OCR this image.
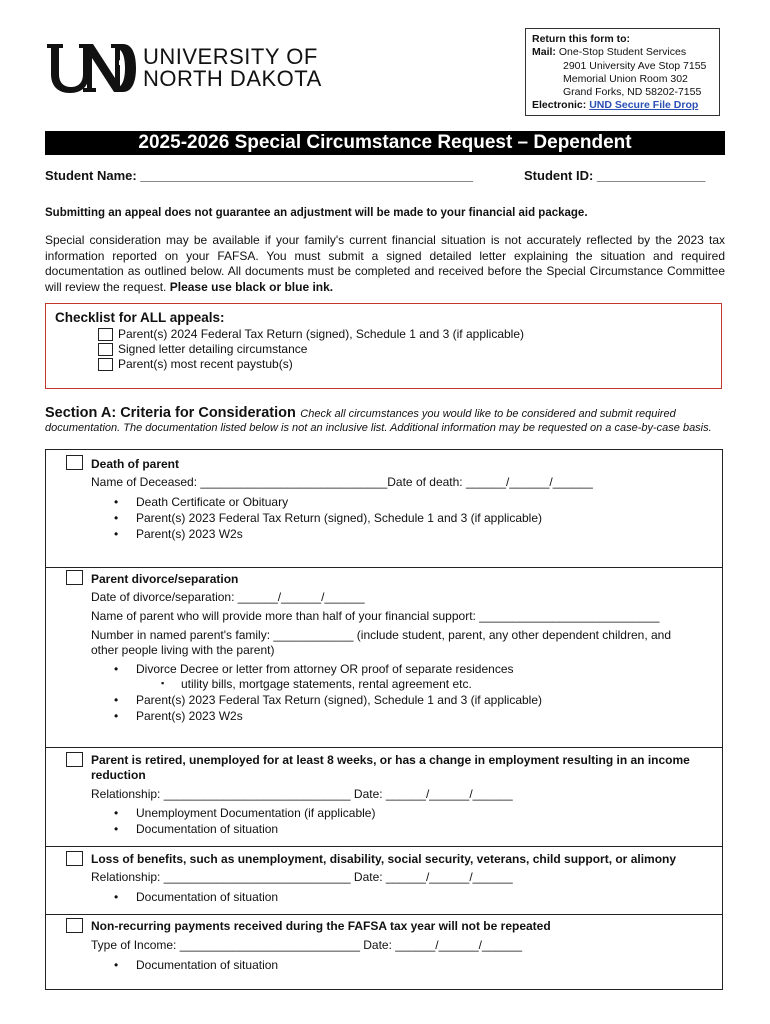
UNIVERSITY OF
NORTH DAKOTA
Return this form to:
Mail: One-Stop Student Services
2901 University Ave Stop 7155
Memorial Union Room 302
Grand Forks, ND 58202-7155
Electronic: UND Secure File Drop
2025-2026 Special Circumstance Request – Dependent
Student Name: ______________________________________________	Student ID: _______________
Submitting an appeal does not guarantee an adjustment will be made to your financial aid package.
Special consideration may be available if your family's current financial situation is not accurately reflected by the 2023 tax information reported on your FAFSA. You must submit a signed detailed letter explaining the situation and required documentation as outlined below. All documents must be completed and received before the Special Circumstance Committee will review the request. Please use black or blue ink.
Checklist for ALL appeals:
Parent(s) 2024 Federal Tax Return (signed), Schedule 1 and 3 (if applicable)
Signed letter detailing circumstance
Parent(s) most recent paystub(s)
Section A: Criteria for Consideration Check all circumstances you would like to be considered and submit required
documentation. The documentation listed below is not an inclusive list. Additional information may be requested on a case-by-case basis.
Death of parent
Name of Deceased: ____________________________Date of death: ______/______/______
• Death Certificate or Obituary
• Parent(s) 2023 Federal Tax Return (signed), Schedule 1 and 3 (if applicable)
• Parent(s) 2023 W2s
Parent divorce/separation
Date of divorce/separation: ______/______/______
Name of parent who will provide more than half of your financial support: ___________________________
Number in named parent's family: ____________ (include student, parent, any other dependent children, and
other people living with the parent)
• Divorce Decree or letter from attorney OR proof of separate residences
▪ utility bills, mortgage statements, rental agreement etc.
• Parent(s) 2023 Federal Tax Return (signed), Schedule 1 and 3 (if applicable)
• Parent(s) 2023 W2s
Parent is retired, unemployed for at least 8 weeks, or has a change in employment resulting in an income
reduction
Relationship: ____________________________ Date: ______/______/______
• Unemployment Documentation (if applicable)
• Documentation of situation
Loss of benefits, such as unemployment, disability, social security, veterans, child support, or alimony
Relationship: ____________________________ Date: ______/______/______
• Documentation of situation
Non-recurring payments received during the FAFSA tax year will not be repeated
Type of Income: ___________________________ Date: ______/______/______
• Documentation of situation
